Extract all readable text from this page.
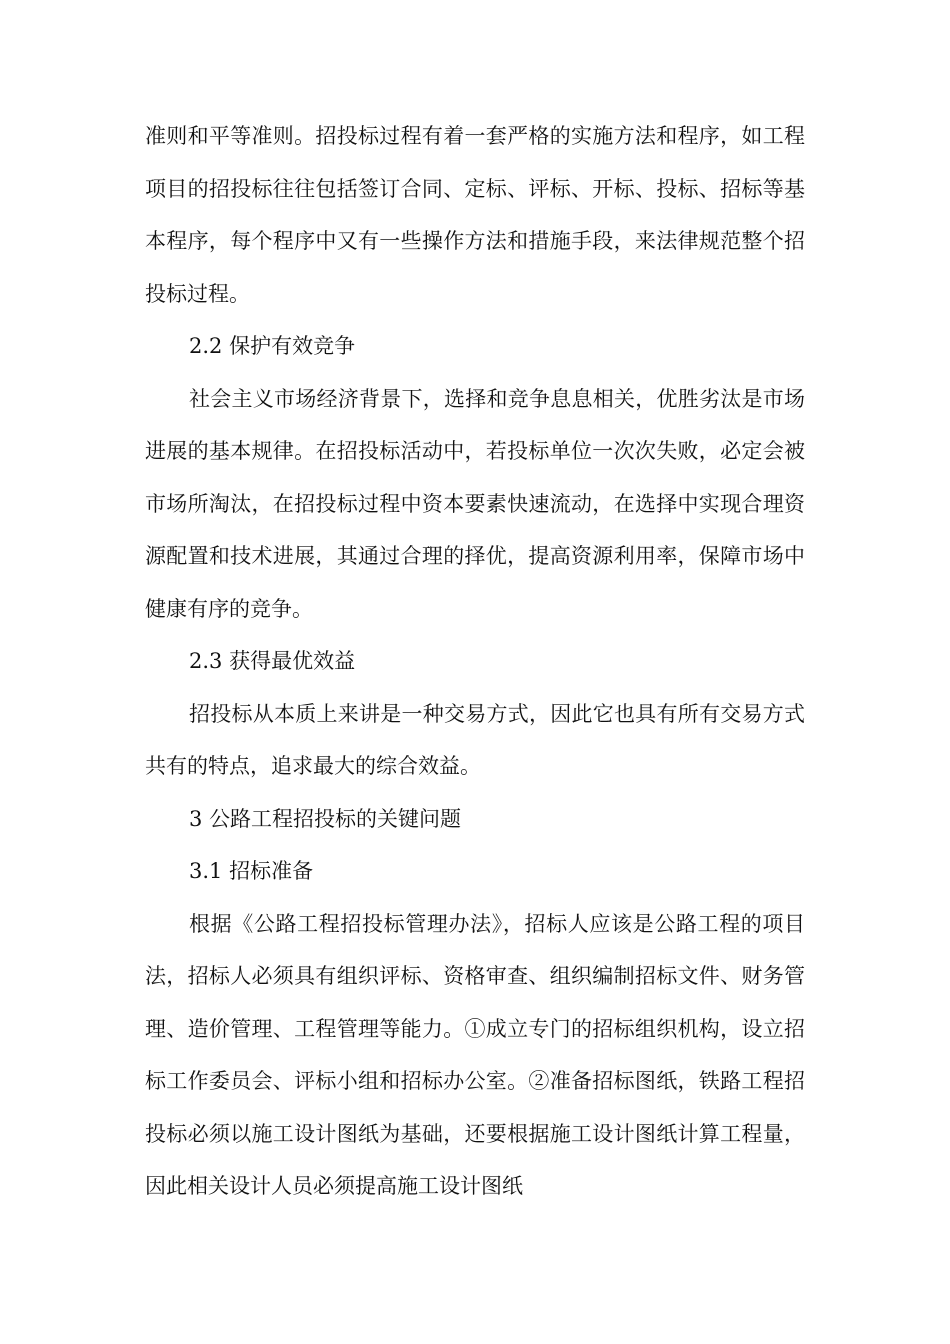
准则和平等准则。招投标过程有着一套严格的实施方法和程序，如工程项目的招投标往往包括签订合同、定标、评标、开标、投标、招标等基本程序，每个程序中又有一些操作方法和措施手段，来法律规范整个招投标过程。

2.2 保护有效竞争

社会主义市场经济背景下，选择和竞争息息相关，优胜劣汰是市场进展的基本规律。在招投标活动中，若投标单位一次次失败，必定会被市场所淘汰，在招投标过程中资本要素快速流动，在选择中实现合理资源配置和技术进展，其通过合理的择优，提高资源利用率，保障市场中健康有序的竞争。

2.3 获得最优效益

招投标从本质上来讲是一种交易方式，因此它也具有所有交易方式共有的特点，追求最大的综合效益。

3 公路工程招投标的关键问题

3.1 招标准备

根据《公路工程招投标管理办法》，招标人应该是公路工程的项目法，招标人必须具有组织评标、资格审查、组织编制招标文件、财务管理、造价管理、工程管理等能力。①成立专门的招标组织机构，设立招标工作委员会、评标小组和招标办公室。②准备招标图纸，铁路工程招投标必须以施工设计图纸为基础，还要根据施工设计图纸计算工程量，因此相关设计人员必须提高施工设计图纸
